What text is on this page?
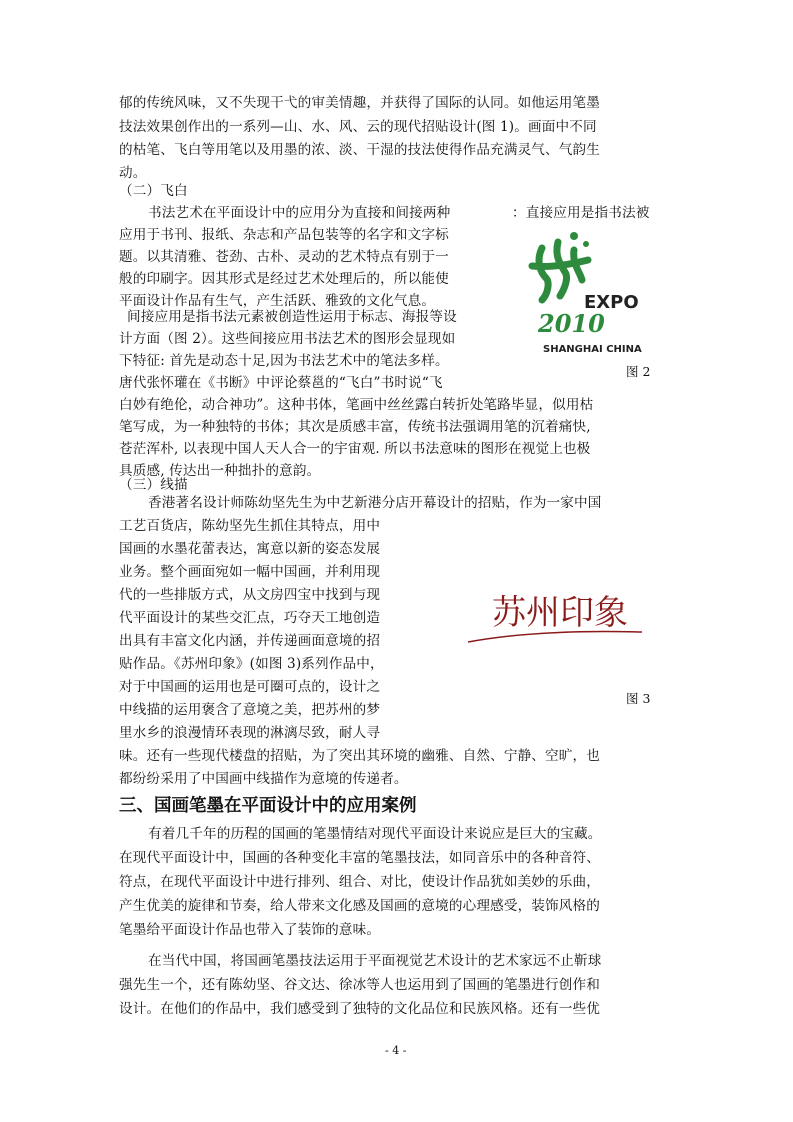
郁的传统风味，又不失现干弋的审美情趣，并获得了国际的认同。如他运用笔墨
技法效果创作出的一系列—山、水、风、云的现代招贴设计(图 1)。画面中不同
的枯笔、飞白等用笔以及用墨的浓、淡、干湿的技法使得作品充满灵气、气韵生
动。
（二）飞白
书法艺术在平面设计中的应用分为直接和间接两种	：直接应用是指书法被
应用于书刊、报纸、杂志和产品包装等的名字和文字标
题。以其清雅、苍劲、古朴、灵动的艺术特点有别于一
般的印刷字。因其形式是经过艺术处理后的，所以能使
平面设计作品有生气，产生活跃、雅致的文化气息。
间接应用是指书法元素被创造性运用于标志、海报等设
计方面（图 2）。这些间接应用书法艺术的图形会显现如
下特征: 首先是动态十足,因为书法艺术中的笔法多样。
唐代张怀瓘在《书断》中评论蔡邕的“飞白”书时说“飞
EXPO
2010
SHANGHAI CHINA
图 2
白妙有绝伦，动合神功”。这种书体，笔画中丝丝露白转折处笔路毕显，似用枯
笔写成，为一种独特的书体；其次是质感丰富，传统书法强调用笔的沉着痛快,
苍茫浑朴, 以表现中国人天人合一的宇宙观. 所以书法意味的图形在视觉上也极
具质感, 传达出一种拙扑的意韵。
（三）线描
香港著名设计师陈幼坚先生为中艺新港分店开幕设计的招贴，作为一家中国
工艺百货店，陈幼坚先生抓住其特点，用中
国画的水墨花蕾表达，寓意以新的姿态发展
业务。整个画面宛如一幅中国画，并利用现
代的一些排版方式，从文房四宝中找到与现
代平面设计的某些交汇点，巧夺天工地创造
出具有丰富文化内涵，并传递画面意境的招
贴作品。《苏州印象》(如图 3)系列作品中，
对于中国画的运用也是可圈可点的，设计之
中线描的运用褒含了意境之美，把苏州的梦
里水乡的浪漫情环表现的淋漓尽致，耐人寻
苏州印象
图 3
味。还有一些现代楼盘的招贴，为了突出其环境的幽雅、自然、宁静、空旷，也
都纷纷采用了中国画中线描作为意境的传递者。
三、国画笔墨在平面设计中的应用案例
有着几千年的历程的国画的笔墨情结对现代平面设计来说应是巨大的宝藏。
在现代平面设计中，国画的各种变化丰富的笔墨技法，如同音乐中的各种音符、
符点，在现代平面设计中进行排列、组合、对比，使设计作品犹如美妙的乐曲，
产生优美的旋律和节奏，给人带来文化感及国画的意境的心理感受，装饰风格的
笔墨给平面设计作品也带入了装饰的意味。
在当代中国，将国画笔墨技法运用于平面视觉艺术设计的艺术家远不止靳球
强先生一个，还有陈幼坚、谷文达、徐冰等人也运用到了国画的笔墨进行创作和
设计。在他们的作品中，我们感受到了独特的文化品位和民族风格。还有一些优
- 4 -
